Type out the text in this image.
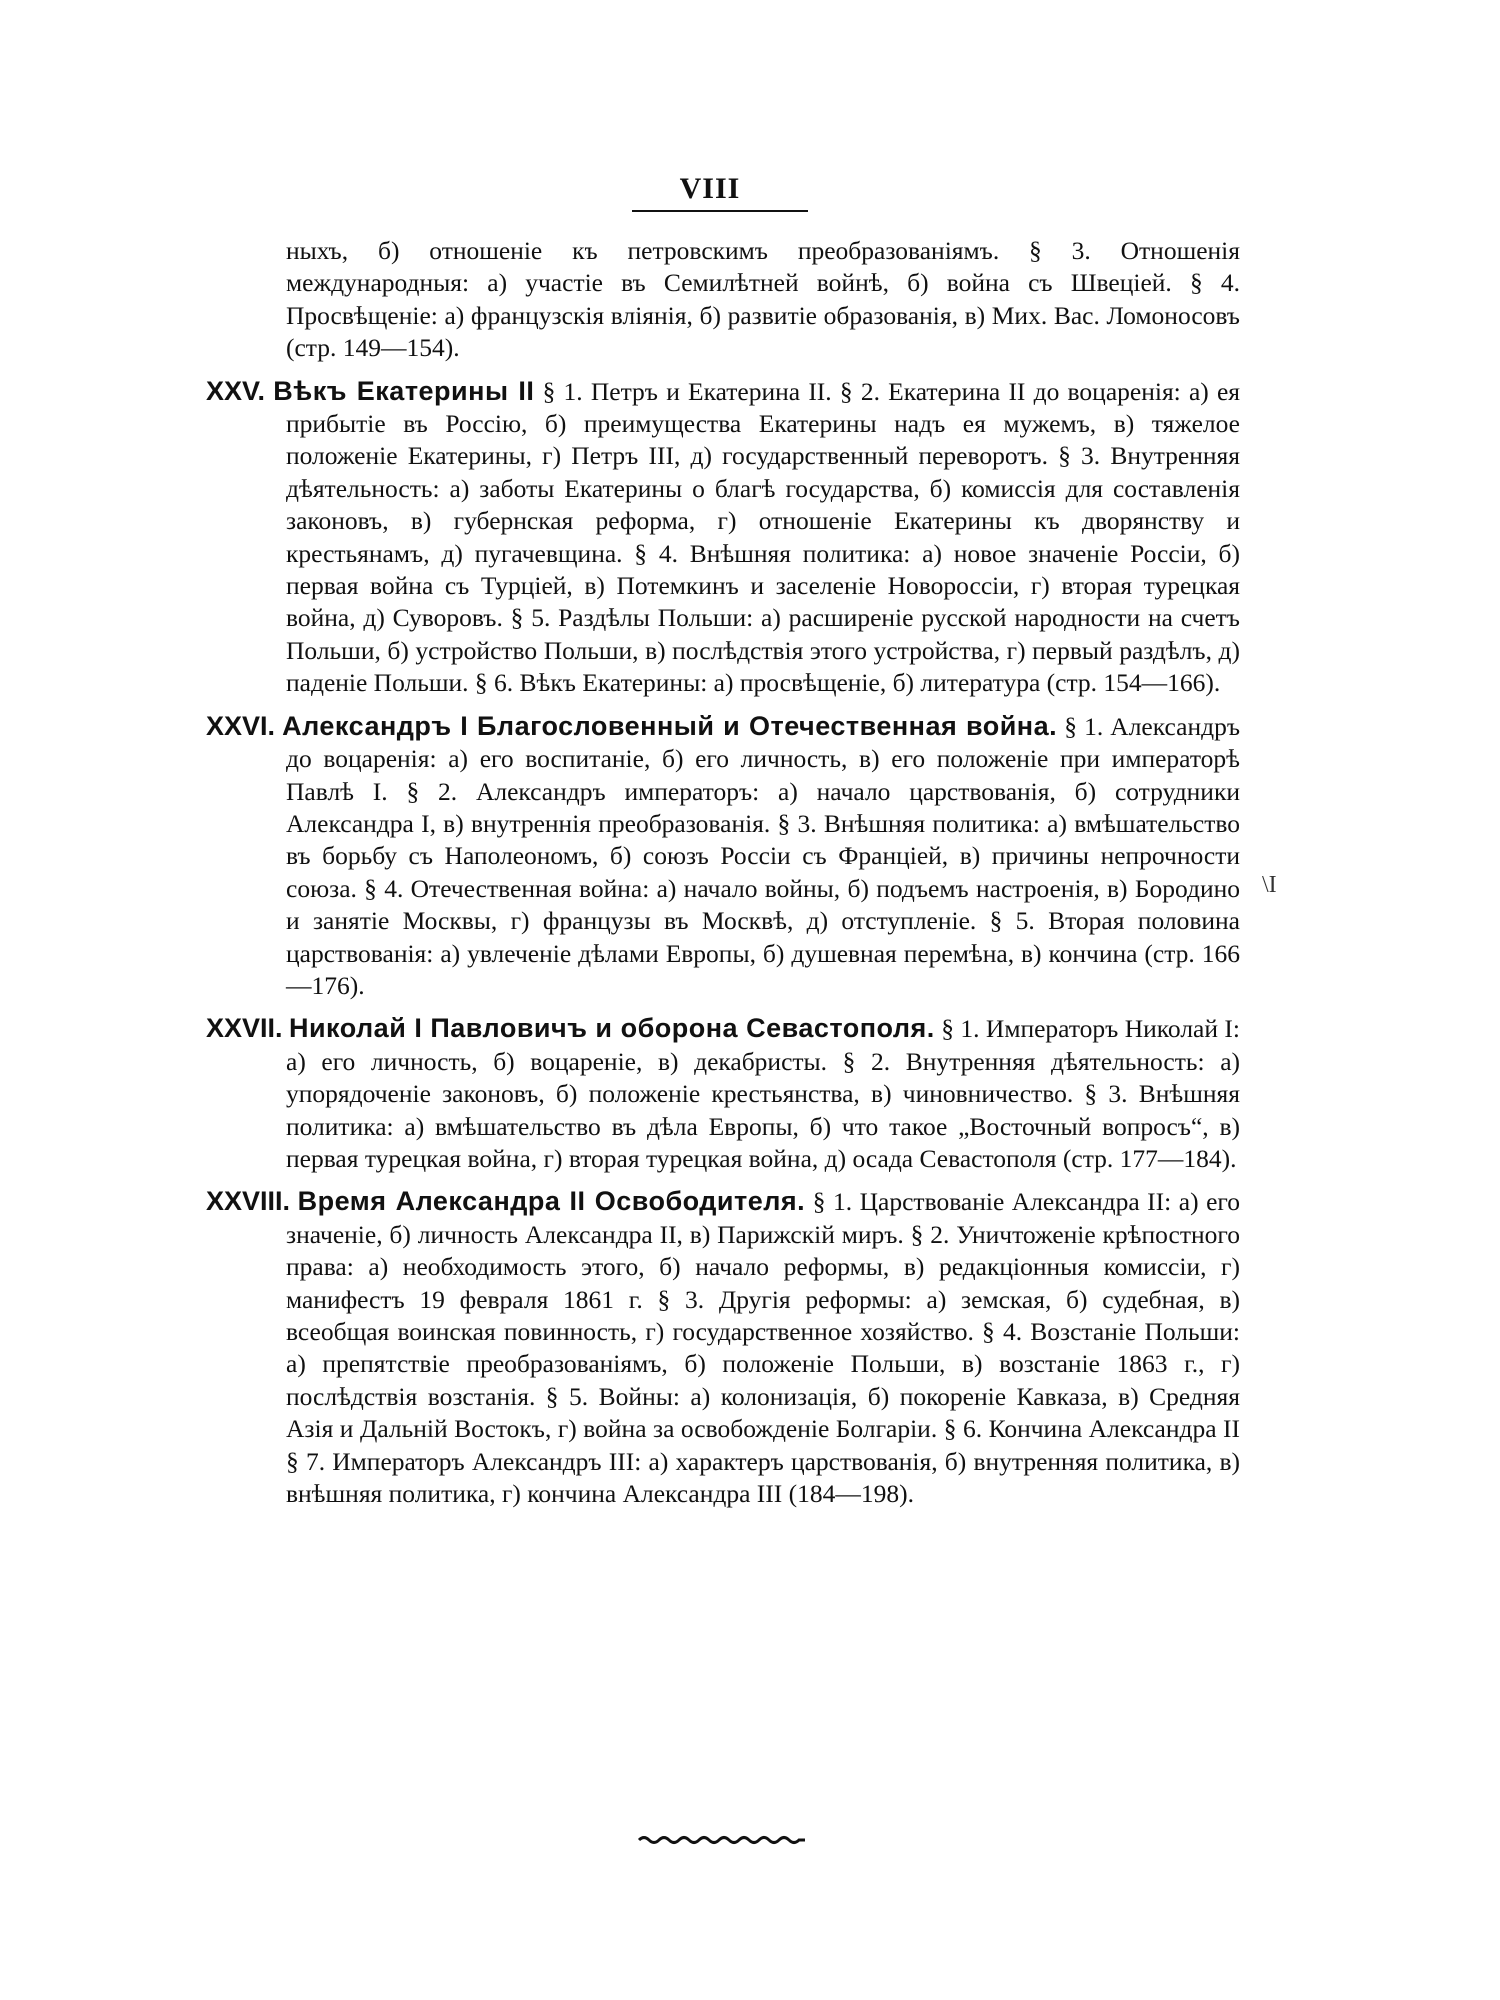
VIII

ныхъ, б) отношеніе къ петровскимъ преобразованіямъ. § 3. Отношенія международныя: а) участіе въ Семилѣтней войнѣ, б) война съ Швеціей. § 4. Просвѣщеніе: а) французскія вліянія, б) развитіе образованія, в) Мих. Вас. Ломоносовъ (стр. 149—154).

XXV. Вѣкъ Екатерины II § 1. Петръ и Екатерина II. § 2. Екатерина II до воцаренія: а) ея прибытіе въ Россію, б) преимущества Екатерины надъ ея мужемъ, в) тяжелое положеніе Екатерины, г) Петръ III, д) государственный переворотъ. § 3. Внутренняя дѣятельность: а) заботы Екатерины о благѣ государства, б) комиссія для составленія законовъ, в) губернская реформа, г) отношеніе Екатерины къ дворянству и крестьянамъ, д) пугачевщина. § 4. Внѣшняя политика: а) новое значеніе Россіи, б) первая война съ Турціей, в) Потемкинъ и заселеніе Новороссіи, г) вторая турецкая война, д) Суворовъ. § 5. Раздѣлы Польши: а) расширеніе русской народности на счетъ Польши, б) устройство Польши, в) послѣдствія этого устройства, г) первый раздѣлъ, д) паденіе Польши. § 6. Вѣкъ Екатерины: а) просвѣщеніе, б) литература (стр. 154—166).

XXVI. Александръ I Благословенный и Отечественная война. § 1. Александръ до воцаренія: а) его воспитаніе, б) его личность, в) его положеніе при императорѣ Павлѣ I. § 2. Александръ императоръ: а) начало царствованія, б) сотрудники Александра I, в) внутреннія преобразованія. § 3. Внѣшняя политика: а) вмѣшательство въ борьбу съ Наполеономъ, б) союзъ Россіи съ Франціей, в) причины непрочности союза. § 4. Отечественная война: а) начало войны, б) подъемъ настроенія, в) Бородино и занятіе Москвы, г) французы въ Москвѣ, д) отступленіе. § 5. Вторая половина царствованія: а) увлеченіе дѣлами Европы, б) душевная перемѣна, в) кончина (стр. 166—176).

XXVII. Николай I Павловичъ и оборона Севастополя. § 1. Императоръ Николай I: а) его личность, б) воцареніе, в) декабристы. § 2. Внутренняя дѣятельность: а) упорядоченіе законовъ, б) положеніе крестьянства, в) чиновничество. § 3. Внѣшняя политика: а) вмѣшательство въ дѣла Европы, б) что такое „Восточный вопросъ“, в) первая турецкая война, г) вторая турецкая война, д) осада Севастополя (стр. 177—184).

XXVIII. Время Александра II Освободителя. § 1. Царствованіе Александра II: а) его значеніе, б) личность Александра II, в) Парижскій миръ. § 2. Уничтоженіе крѣпостного права: а) необходимость этого, б) начало реформы, в) редакціонныя комиссіи, г) манифестъ 19 февраля 1861 г. § 3. Другія реформы: а) земская, б) судебная, в) всеобщая воинская повинность, г) государственное хозяйство. § 4. Возстаніе Польши: а) препятствіе преобразованіямъ, б) положеніе Польши, в) возстаніе 1863 г., г) послѣдствія возстанія. § 5. Войны: а) колонизація, б) покореніе Кавказа, в) Средняя Азія и Дальній Востокъ, г) война за освобожденіе Болгаріи. § 6. Кончина Александра II § 7. Императоръ Александръ III: а) характеръ царствованія, б) внутренняя политика, в) внѣшняя политика, г) кончина Александра III (184—198).

\I
